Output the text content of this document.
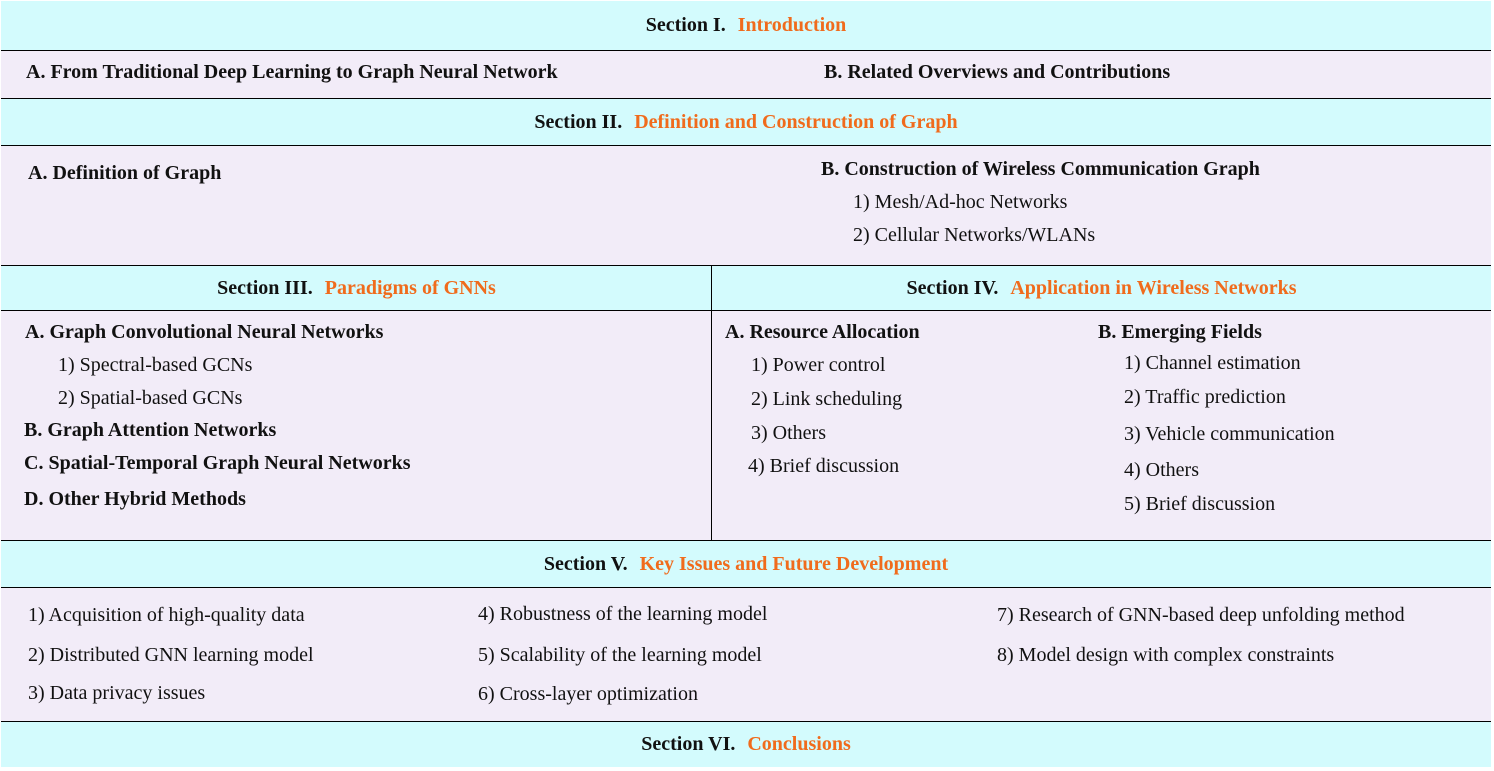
Section I. Introduction
A. From Traditional Deep Learning to Graph Neural Network	B. Related Overviews and Contributions
Section II. Definition and Construction of Graph
A. Definition of Graph	B. Construction of Wireless Communication Graph
1) Mesh/Ad-hoc Networks
2) Cellular Networks/WLANs
Section III. Paradigms of GNNs
A. Graph Convolutional Neural Networks
1) Spectral-based GCNs
2) Spatial-based GCNs
B. Graph Attention Networks
C. Spatial-Temporal Graph Neural Networks
D. Other Hybrid Methods
Section IV. Application in Wireless Networks
A. Resource Allocation
1) Power control
2) Link scheduling
3) Others
4) Brief discussion
B. Emerging Fields
1) Channel estimation
2) Traffic prediction
3) Vehicle communication
4) Others
5) Brief discussion
Section V. Key Issues and Future Development
1) Acquisition of high-quality data
2) Distributed GNN learning model
3) Data privacy issues
4) Robustness of the learning model
5) Scalability of the learning model
6) Cross-layer optimization
7) Research of GNN-based deep unfolding method
8) Model design with complex constraints
Section VI. Conclusions
